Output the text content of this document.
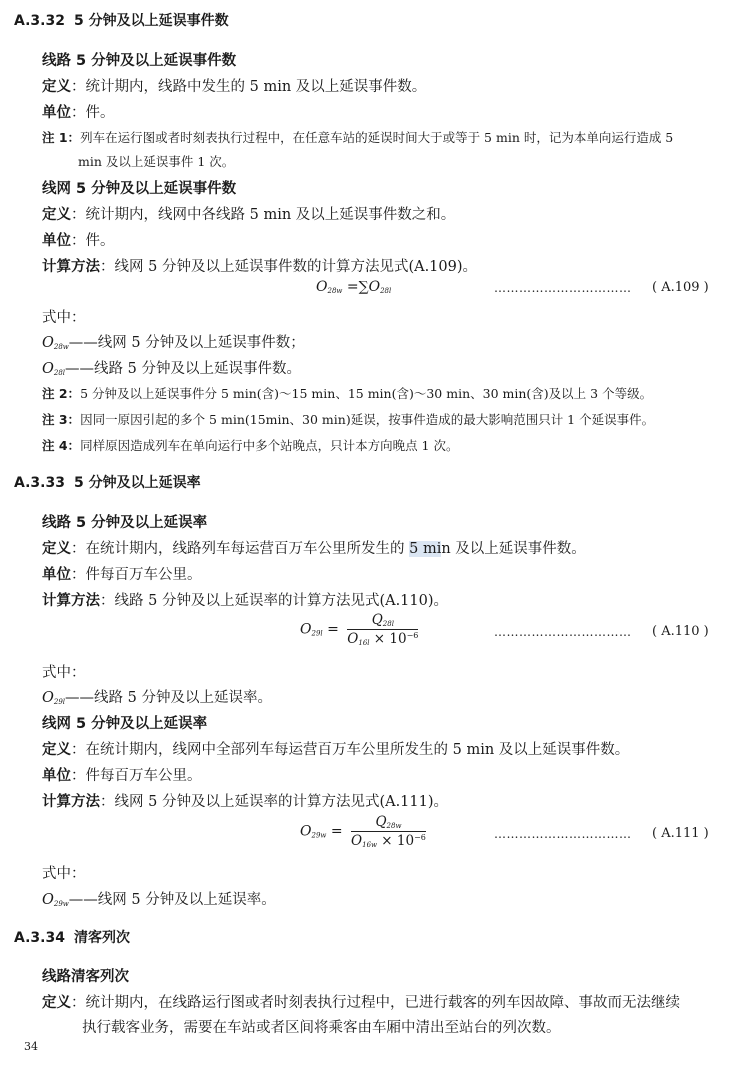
A.3.32 5 分钟及以上延误事件数
线路 5 分钟及以上延误事件数
定义：统计期内，线路中发生的 5 min 及以上延误事件数。
单位：件。
注 1：列车在运行图或者时刻表执行过程中，在任意车站的延误时间大于或等于 5 min 时，记为本单向运行造成 5
min 及以上延误事件 1 次。
线网 5 分钟及以上延误事件数
定义：统计期内，线网中各线路 5 min 及以上延误事件数之和。
单位：件。
计算方法：线网 5 分钟及以上延误事件数的计算方法见式(A.109)。
$O_{28w} =\sum O_{28l}$	…………………………… ( A.109 )
式中：
$O_{28w}——$线网 5 分钟及以上延误事件数；
$O_{28l}——$线路 5 分钟及以上延误事件数。
注 2：5 分钟及以上延误事件分 5 min(含)～15 min、15 min(含)～30 min、30 min(含)及以上 3 个等级。
注 3：因同一原因引起的多个 5 min(15min、30 min)延误，按事件造成的最大影响范围只计 1 个延误事件。
注 4：同样原因造成列车在单向运行中多个站晚点，只计本方向晚点 1 次。
A.3.33 5 分钟及以上延误率
线路 5 分钟及以上延误率
定义：在统计期内，线路列车每运营百万车公里所发生的 5 min 及以上延误事件数。
单位：件每百万车公里。
计算方法：线路 5 分钟及以上延误率的计算方法见式(A.110)。
$O_{29l} = \frac{Q_{28l}}{O_{16l} \times 10^{-6}}$	…………………………… ( A.110 )
式中：
$O_{29l}——$线路 5 分钟及以上延误率。
线网 5 分钟及以上延误率
定义：在统计期内，线网中全部列车每运营百万车公里所发生的 5 min 及以上延误事件数。
单位：件每百万车公里。
计算方法：线网 5 分钟及以上延误率的计算方法见式(A.111)。
$O_{29w} = \frac{Q_{28w}}{O_{16w} \times 10^{-6}}$	…………………………… ( A.111 )
式中：
$O_{29w}——$线网 5 分钟及以上延误率。
A.3.34 清客列次
线路清客列次
定义：统计期内，在线路运行图或者时刻表执行过程中，已进行载客的列车因故障、事故而无法继续
执行载客业务，需要在车站或者区间将乘客由车厢中清出至站台的列次数。
34
